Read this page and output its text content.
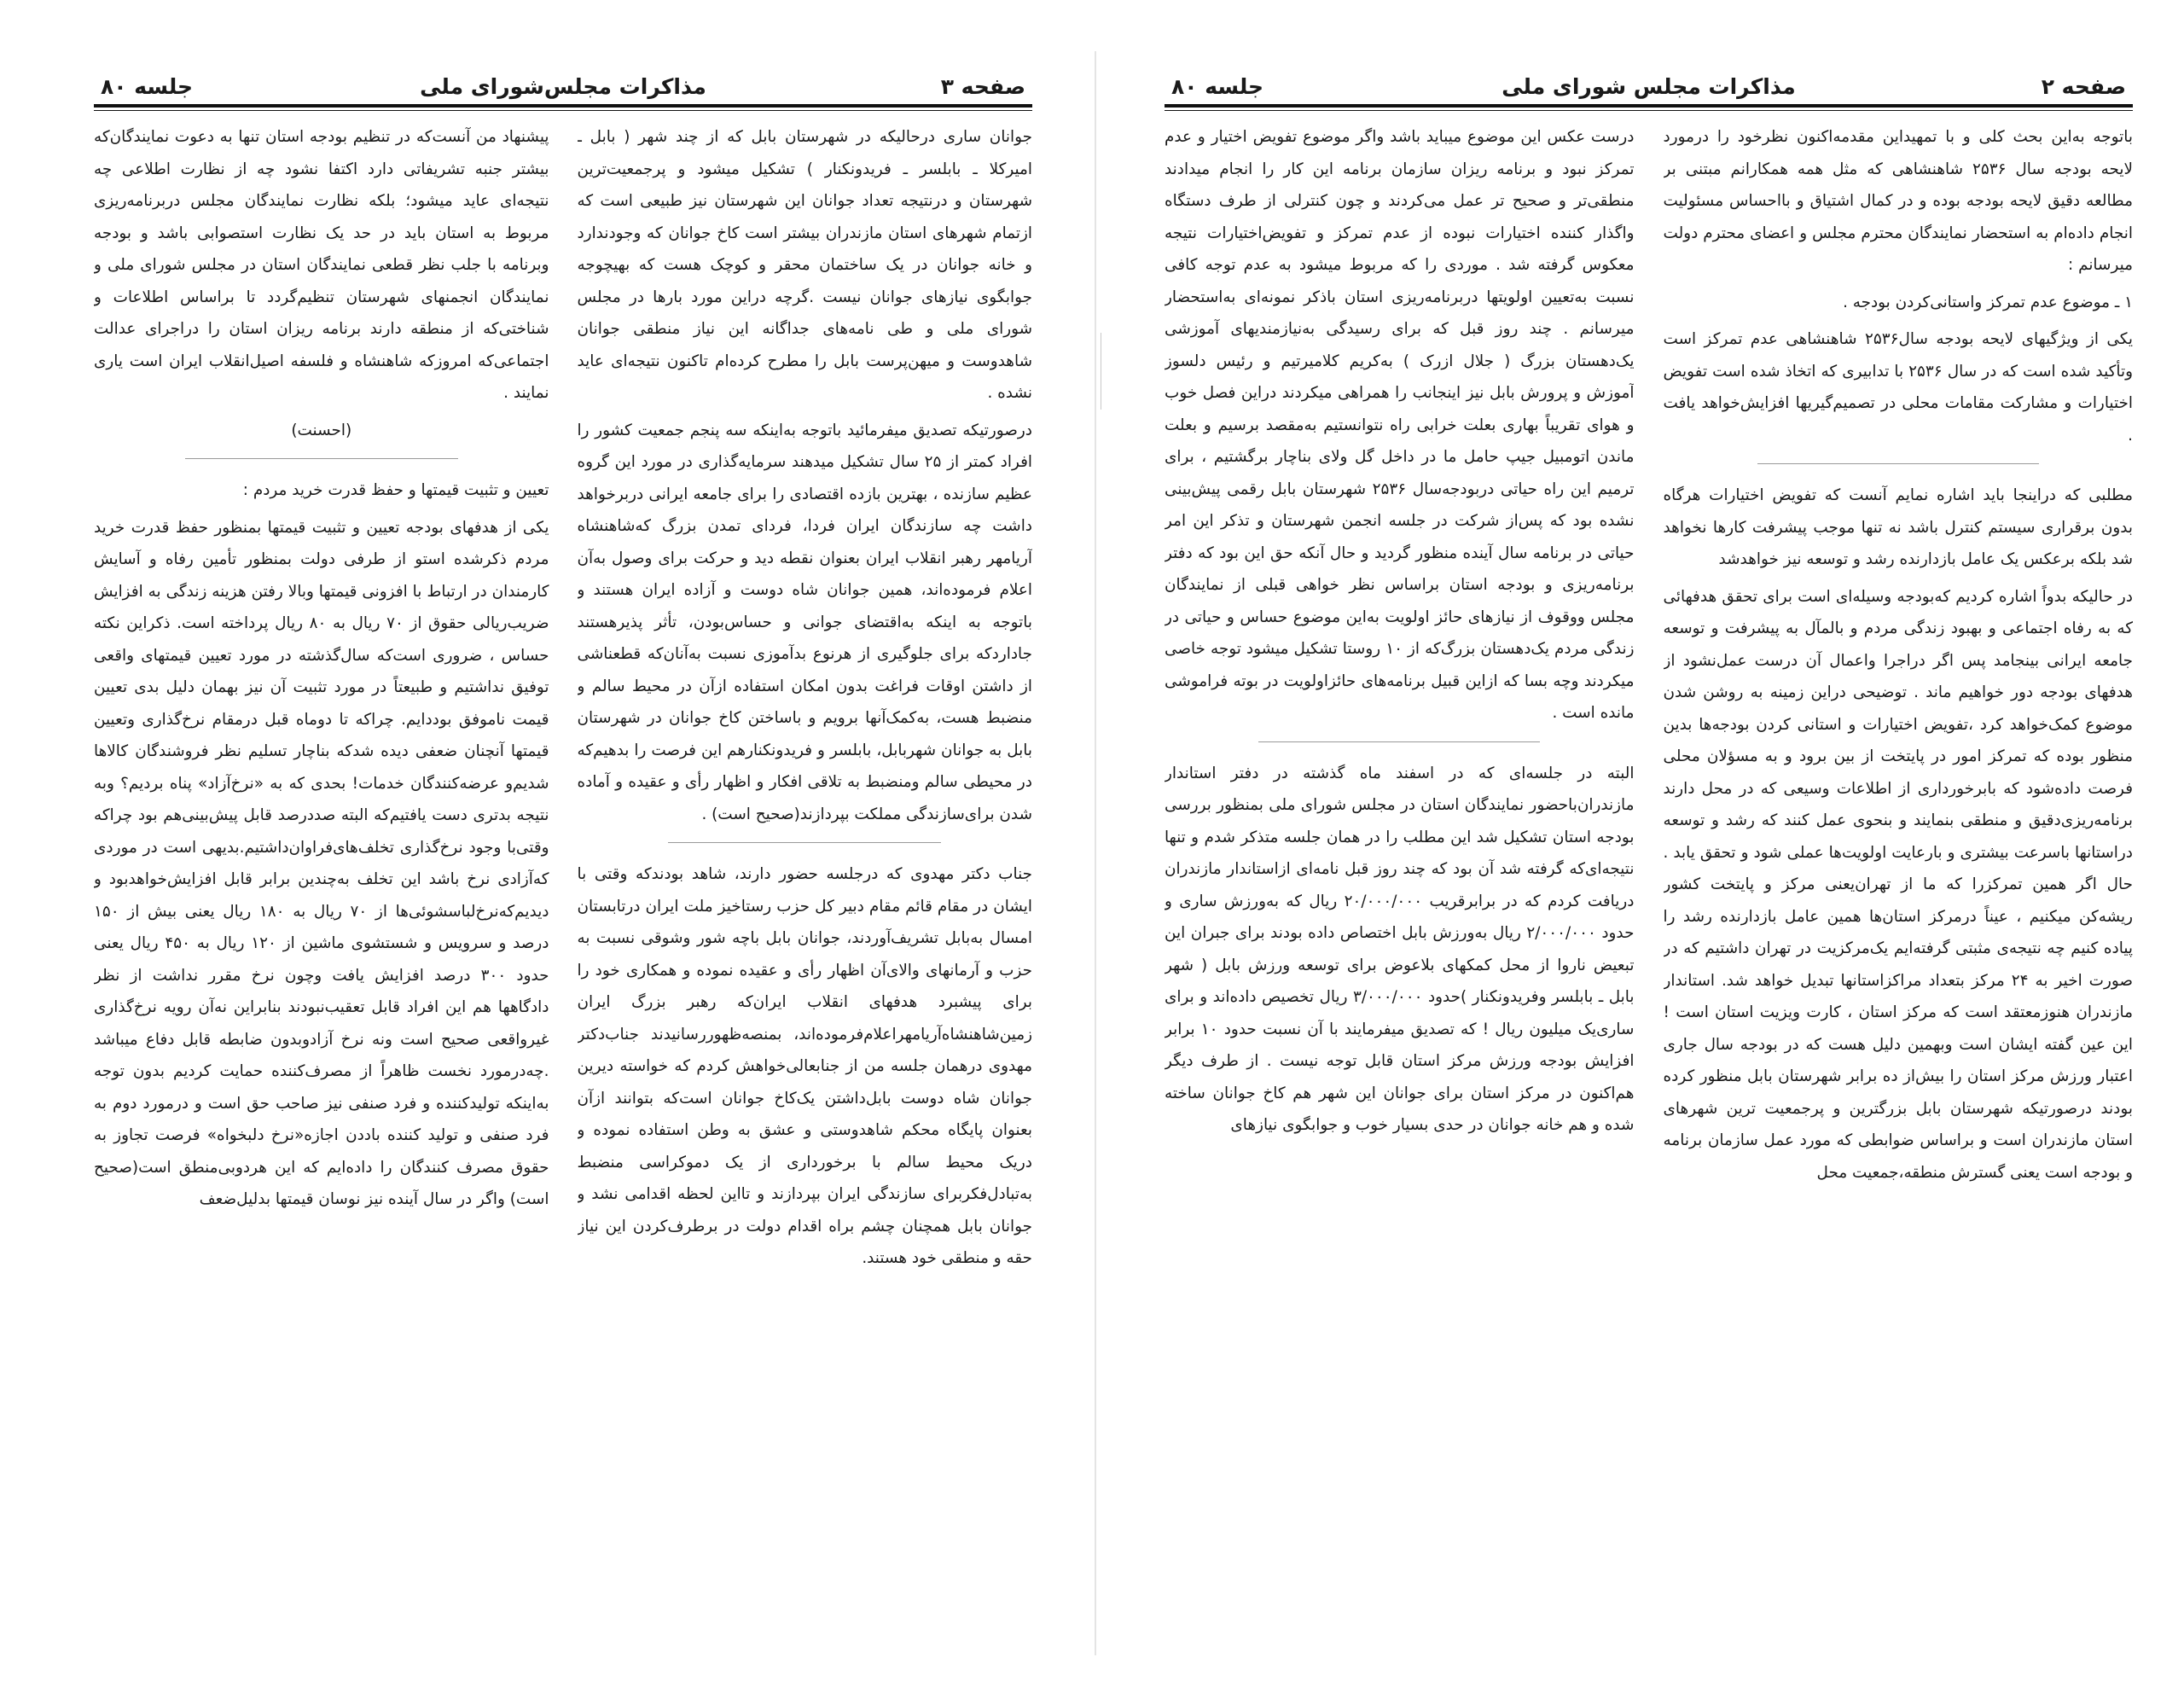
صفحه ۳
مذاکرات مجلس‌شورای ملی
جلسه ۸۰

جوانان ساری درحالیکه در شهرستان بابل که از چند شهر ( بابل ـ امیرکلا ـ بابلسر ـ فریدونکنار ) تشکیل میشود و پرجمعیت‌ترین شهرستان و درنتیجه تعداد جوانان این شهرستان نیز طبیعی است که ازتمام شهرهای استان مازندران بیشتر است کاخ جوانان که وجودندارد و خانه جوانان در یک ساختمان محقر و کوچک هست که بهیچوجه جوابگوی نیازهای جوانان نیست .گرچه دراین مورد بارها در مجلس شورای ملی و طی نامه‌های جداگانه این نیاز منطقی جوانان شاهدوست و میهن‌پرست بابل را مطرح کرده‌ام تاکنون نتیجه‌ای عاید نشده .

درصورتیکه تصدیق میفرمائید باتوجه به‌اینکه سه پنجم جمعیت کشور را افراد کمتر از ۲۵ سال تشکیل میدهند سرمایه‌گذاری در مورد این گروه عظیم سازنده ، بهترین بازده اقتصادی را برای جامعه ایرانی دربرخواهد داشت چه سازندگان ایران فردا، فردای تمدن بزرگ که‌شاهنشاه آریامهر رهبر انقلاب ایران بعنوان نقطه دید و حرکت برای وصول به‌آن اعلام فرموده‌اند، همین جوانان شاه دوست و آزاده ایران هستند و باتوجه به اینکه به‌اقتضای جوانی و حساس‌بودن، تأثر پذیرهستند جادارد‌که برای جلوگیری از هرنوع بدآموزی نسبت به‌آنان‌که قطعناشی از داشتن اوقات فراغت بدون امکان استفاده ازآن در محیط سالم و منضبط هست، به‌کمک‌آنها برویم و باساختن کاخ جوانان در شهرستان بابل به جوانان شهربابل، بابلسر و فریدونکنارهم این فرصت را بدهیم‌که در محیطی سالم ومنضبط به تلاقی افکار و اظهار رأی و عقیده و آماده شدن برای‌سازندگی مملکت بپردازند(صحیح است) .

جناب دکتر مهدوی که درجلسه حضور دارند، شاهد بودندکه وقتی با ایشان در مقام قائم مقام دبیر کل حزب رستاخیز ملت ایران درتابستان امسال به‌بابل تشریف‌آوردند، جوانان بابل باچه شور وشوقی نسبت به حزب و آرمانهای والای‌آن اظهار رأی و عقیده نموده و همکاری خود را برای پیشبرد هدفهای انقلاب ایران‌که رهبر بزرگ ایران زمین‌شاهنشاه‌آریامهراعلام‌فرموده‌اند، بمنصه‌ظهور‌رسانیدند جناب‌دکتر مهدوی درهمان جلسه من از جنابعالی‌خواهش کردم که خواسته دیرین جوانان شاه دوست بابل‌داشتن یک‌کاخ جوانان است‌که بتوانند ازآن بعنوان پایگاه محکم شاهدوستی و عشق به وطن استفاده نموده و دریک محیط سالم با برخورداری از یک دموکراسی منضبط به‌تبادل‌فکربرای سازندگی ایران بپردازند و تااین لحظه اقدامی نشد و جوانان بابل همچنان چشم براه اقدام دولت در برطرف‌کردن این نیاز حقه و منطقی خود هستند.

پیشنهاد من آنست‌که در تنظیم بودجه استان تنها به دعوت نمایندگان‌که بیشتر جنبه تشریفاتی دارد اکتفا نشود چه از نظارت اطلاعی چه نتیجه‌ای عاید میشود؛ بلکه نظارت نمایندگان مجلس دربرنامه‌ریزی مربوط به استان باید در حد یک نظارت استصوابی باشد و بودجه وبرنامه با جلب نظر قطعی نمایندگان استان در مجلس شورای ملی و نمایندگان انجمنهای شهرستان تنظیم‌گردد تا براساس اطلاعات و شناختی‌که از منطقه دارند برنامه ریزان استان را دراجرای عدالت اجتماعی‌که امروزکه شاهنشاه و فلسفه اصیل‌انقلاب ایران است یاری نمایند .

(احسنت)

تعیین و تثبیت قیمتها و حفظ قدرت خرید مردم :

یکی از هدفهای بودجه تعیین و تثبیت قیمتها بمنظور حفظ قدرت خرید مردم ذکرشده استو از طرفی دولت بمنظور تأمین رفاه و آسایش کارمندان در ارتباط با افزونی قیمتها وبالا رفتن هزینه زندگی به افزایش ضریب‌ریالی حقوق از ۷۰ ریال به ۸۰ ریال پرداخته است. ذکراین نکته حساس ، ضروری است‌که سال‌گذشته در مورد تعیین قیمتهای واقعی توفیق نداشتیم و طبیعتاً در مورد تثبیت آن نیز بهمان دلیل بدی تعیین قیمت ناموفق بوددایم. چراکه تا دوماه قبل درمقام نرخ‌گذاری وتعیین قیمتها آنچنان ضعفی دیده شدکه بناچار تسلیم نظر فروشندگان کالاها شدیم‌و عرضه‌کنندگان خدمات! بحدی که به «نرخ‌آزاد» پناه بردیم؟ وبه نتیجه بدتری دست یافتیم‌که البته صددرصد قابل پیش‌بینی‌هم بود چراکه وقتی‌با وجود نرخ‌گذاری تخلف‌های‌فراوان‌داشتیم.بدیهی است در موردی که‌آزادی نرخ باشد این تخلف به‌چندین برابر قابل افزایش‌خواهدبود و دیدیم‌که‌نرخ‌لباسشوئی‌ها از ۷۰ ریال به ۱۸۰ ریال یعنی بیش از ۱۵۰ درصد و سرویس و شستشوی ماشین از ۱۲۰ ریال به ۴۵۰ ریال یعنی حدود ۳۰۰ درصد افزایش یافت وچون نرخ مقرر نداشت از نظر دادگاهها هم این افراد قابل تعقیب‌نبودند بنابراین نه‌آن رویه نرخ‌گذاری غیرواقعی صحیح است ونه نرخ آزادوبدون ضابطه قابل دفاع میباشد .چه‌درمورد نخست ظاهراً از مصرف‌کننده حمایت کردیم بدون توجه به‌اینکه تولیدکننده و فرد صنفی نیز صاحب حق است و درمورد دوم به فرد صنفی و تولید کننده باددن اجازه«نرخ دلبخواه» فرصت تجاوز به حقوق مصرف کنندگان را داده‌ایم که این هردوبی‌منطق است(صحیح است) واگر در سال آینده نیز نوسان قیمتها بدلیل‌ضعف

صفحه ۲
مذاکرات مجلس شورای ملی
جلسه ۸۰

باتوجه به‌این بحث کلی و با تمهیداین مقدمه‌اکنون نظرخود را درمورد لایحه بودجه سال ۲۵۳۶ شاهنشاهی که مثل همه همکارانم مبتنی بر مطالعه دقیق لایحه بودجه بوده و در کمال اشتیاق و بااحساس مسئولیت انجام داده‌ام به استحضار نمایندگان محترم مجلس و اعضای محترم دولت میرسانم :

۱ ـ موضوع عدم تمرکز واستانی‌کردن بودجه .

یکی از ویژگیهای لایحه بودجه سال۲۵۳۶ شاهنشاهی عدم تمرکز است وتأکید شده است که در سال ۲۵۳۶ با تدابیری که اتخاذ شده است تفویض اختیارات و مشارکت مقامات محلی در تصمیم‌گیریها افزایش‌خواهد یافت .

مطلبی که دراینجا باید اشاره نمایم آنست که تفویض اختیارات هرگاه بدون برقراری سیستم کنترل باشد نه تنها موجب پیشرفت کارها نخواهد شد بلکه برعکس یک عامل بازدارنده رشد و توسعه نیز خواهدشد

در حالیکه بدواً اشاره کردیم که‌بودجه وسیله‌ای است برای تحقق هدفهائی که به رفاه اجتماعی و بهبود زندگی مردم و بالمآل به پیشرفت و توسعه جامعه ایرانی بینجامد پس اگر دراجرا واعمال آن درست عمل‌نشود از هدفهای بودجه دور خواهیم ماند . توضیحی دراین زمینه به روشن شدن موضوع کمک‌خواهد کرد ،تفویض اختیارات و استانی کردن بودجه‌ها بدین منظور بوده که تمرکز امور در پایتخت از بین برود و به مسؤلان محلی فرصت داده‌شود که بابرخورداری از اطلاعات وسیعی که در محل دارند برنامه‌ریزی‌دقیق و منطقی بنمایند و بنحوی عمل کنند که رشد و توسعه دراستانها باسرعت بیشتری و بارعایت اولویت‌ها عملی شود و تحقق یابد . حال اگر همین تمرکزرا که ما از تهران‌یعنی مرکز و پایتخت کشور ریشه‌کن میکنیم ، عیناً درمرکز استان‌ها همین عامل بازدارنده رشد را پیاده کنیم چه نتیجه‌ی مثبتی گرفته‌ایم یک‌مرکزیت در تهران داشتیم که در صورت اخیر به ۲۴ مرکز بتعداد مراکزاستانها تبدیل خواهد شد. استاندار مازندران هنوزمعتقد است که مرکز استان ، کارت ویزیت استان است ! این عین گفته ایشان است وبهمین دلیل هست که در بودجه سال جاری اعتبار ورزش مرکز استان را بیش‌از ده برابر شهرستان بابل منظور کرده بودند درصورتیکه شهرستان بابل بزرگترین و پرجمعیت ترین شهرهای استان مازندران است و براساس ضوابطی که مورد عمل سازمان برنامه و بودجه است یعنی گسترش منطقه،جمعیت محل

درست عکس این موضوع میباید باشد واگر موضوع تفویض اختیار و عدم تمرکز نبود و برنامه ریزان سازمان برنامه این کار را انجام میدادند منطقی‌تر و صحیح تر عمل می‌کردند و چون کنترلی از طرف دستگاه واگذار کننده اختیارات نبوده از عدم تمرکز و تفویض‌اختیارات نتیجه معکوس گرفته شد . موردی را که مربوط میشود به عدم توجه کافی نسبت به‌تعیین اولویتها دربرنامه‌ریزی استان باذکر نمونه‌ای به‌استحضار میرسانم . چند روز قبل که برای رسیدگی به‌نیازمندیهای آموزشی یک‌دهستان بزرگ ( جلال ازرک ) به‌کریم کلامیرتیم و رئیس دلسوز آموزش و پرورش بابل نیز اینجانب را همراهی میکردند دراین فصل خوب و هوای تقریباً بهاری بعلت خرابی راه نتوانستیم به‌مقصد برسیم و بعلت ماندن اتومبیل جیپ حامل ما در داخل گل ولای بناچار برگشتیم ، برای ترمیم این راه حیاتی دربودجه‌سال ۲۵۳۶ شهرستان بابل رقمی پیش‌بینی نشده بود که پس‌از شرکت در جلسه انجمن شهرستان و تذکر این امر حیاتی در برنامه سال آینده منظور گردید و حال آنکه حق این بود که دفتر برنامه‌ریزی و بودجه استان براساس نظر خواهی قبلی از نمایندگان مجلس ووقوف از نیازهای حائز اولویت به‌این موضوع حساس و حیاتی در زندگی مردم یک‌دهستان بزرگ‌که از ۱۰ روستا تشکیل میشود توجه خاصی میکردند وچه بسا که ازاین قبیل برنامه‌های حائزاولویت در بوته فراموشی مانده است .

البته در جلسه‌ای که در اسفند ماه گذشته در دفتر استاندار مازندران‌باحضور نمایندگان استان در مجلس شورای ملی بمنظور بررسی بودجه استان تشکیل شد این مطلب را در همان جلسه متذکر شدم و تنها نتیجه‌ای‌که گرفته شد آن بود که چند روز قبل نامه‌ای ازاستاندار مازندران دریافت کردم که در برابرقریب ۲۰/۰۰۰/۰۰۰ ریال که به‌ورزش ساری و حدود ۲/۰۰۰/۰۰۰ ریال به‌ورزش بابل اختصاص داده بودند برای جبران این تبعیض ناروا از محل کمکهای بلاعوض برای توسعه ورزش بابل ( شهر بابل ـ بابلسر وفریدونکنار )حدود ۳/۰۰۰/۰۰۰ ریال تخصیص داده‌اند و برای ساری‌یک میلیون ریال ! که تصدیق میفرمایند با آن نسبت حدود ۱۰ برابر افزایش بودجه ورزش مرکز استان قابل توجه نیست . از طرف دیگر هم‌اکنون در مرکز استان برای جوانان این شهر هم کاخ جوانان ساخته شده و هم خانه جوانان در حدی بسیار خوب و جوابگوی نیازهای
